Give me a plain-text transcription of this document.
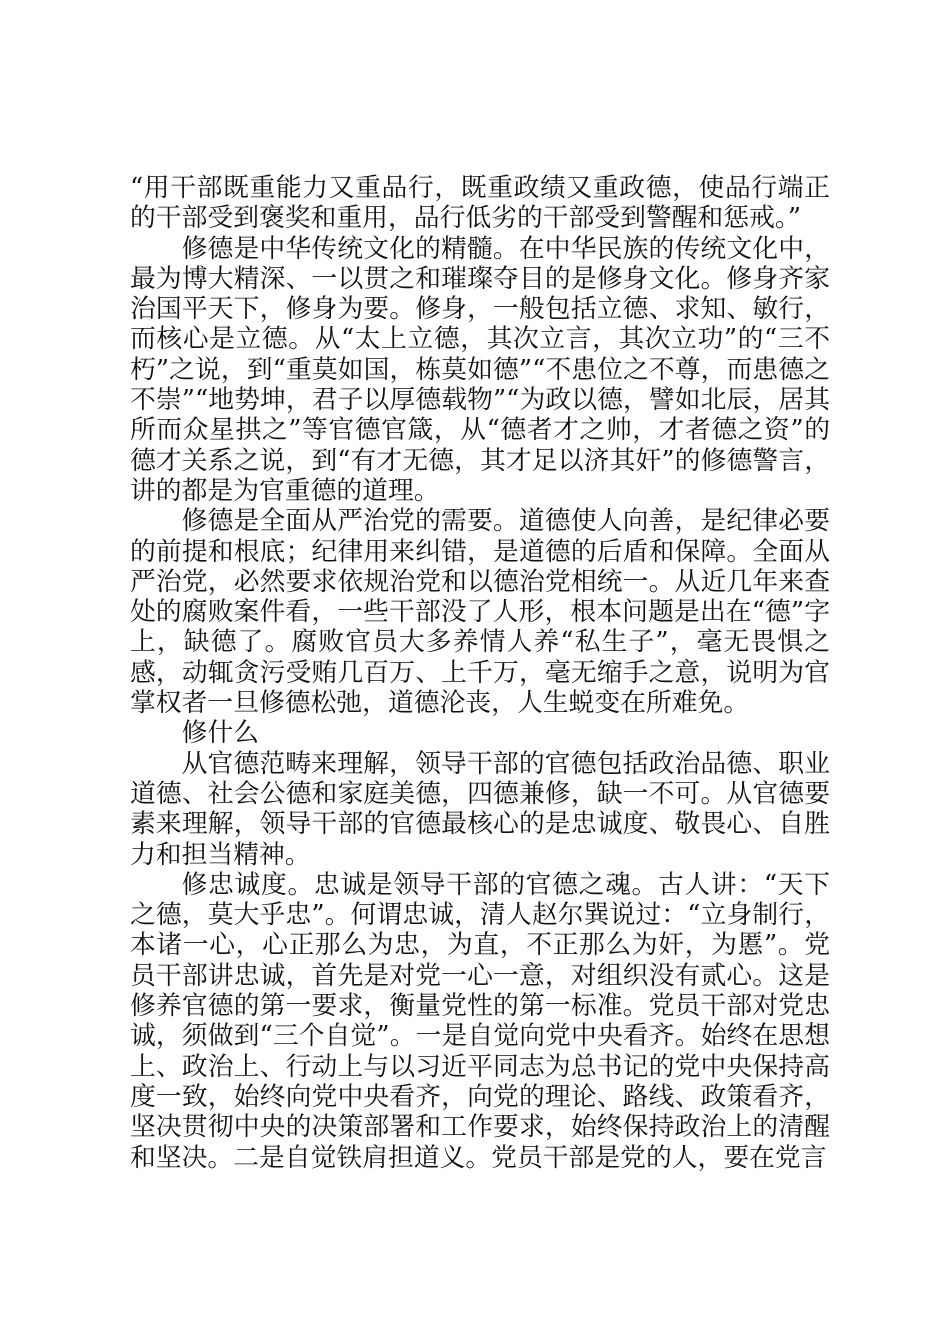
“用干部既重能力又重品行，既重政绩又重政德，使品行端正的干部受到褒奖和重用，品行低劣的干部受到警醒和惩戒。”

修德是中华传统文化的精髓。在中华民族的传统文化中，最为博大精深、一以贯之和璀璨夺目的是修身文化。修身齐家治国平天下，修身为要。修身，一般包括立德、求知、敏行，而核心是立德。从“太上立德，其次立言，其次立功”的“三不朽”之说，到“重莫如国，栋莫如德”“不患位之不尊，而患德之不崇”“地势坤，君子以厚德载物”“为政以德，譬如北辰，居其所而众星拱之”等官德官箴，从“德者才之帅，才者德之资”的德才关系之说，到“有才无德，其才足以济其奸”的修德警言，讲的都是为官重德的道理。

修德是全面从严治党的需要。道德使人向善，是纪律必要的前提和根底；纪律用来纠错，是道德的后盾和保障。全面从严治党，必然要求依规治党和以德治党相统一。从近几年来查处的腐败案件看，一些干部没了人形，根本问题是出在“德”字上，缺德了。腐败官员大多养情人养“私生子”，毫无畏惧之感，动辄贪污受贿几百万、上千万，毫无缩手之意，说明为官掌权者一旦修德松弛，道德沦丧，人生蜕变在所难免。

修什么

从官德范畴来理解，领导干部的官德包括政治品德、职业道德、社会公德和家庭美德，四德兼修，缺一不可。从官德要素来理解，领导干部的官德最核心的是忠诚度、敬畏心、自胜力和担当精神。

修忠诚度。忠诚是领导干部的官德之魂。古人讲：“天下之德，莫大乎忠”。何谓忠诚，清人赵尔巽说过：“立身制行，本诸一心，心正那么为忠，为直，不正那么为奸，为慝”。党员干部讲忠诚，首先是对党一心一意，对组织没有贰心。这是修养官德的第一要求，衡量党性的第一标准。党员干部对党忠诚，须做到“三个自觉”。一是自觉向党中央看齐。始终在思想上、政治上、行动上与以习近平同志为总书记的党中央保持高度一致，始终向党中央看齐，向党的理论、路线、政策看齐，坚决贯彻中央的决策部署和工作要求，始终保持政治上的清醒和坚决。二是自觉铁肩担道义。党员干部是党的人，要在党言
